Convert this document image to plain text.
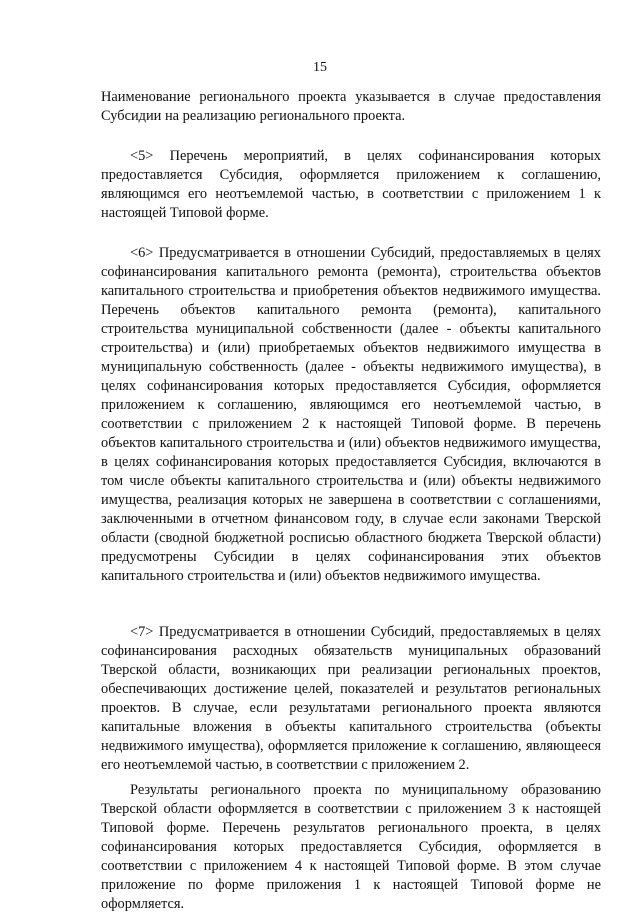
15

Наименование регионального проекта указывается в случае предоставления Субсидии на реализацию регионального проекта.

<5> Перечень мероприятий, в целях софинансирования которых предоставляется Субсидия, оформляется приложением к соглашению, являющимся его неотъемлемой частью, в соответствии с приложением 1 к настоящей Типовой форме.

<6> Предусматривается в отношении Субсидий, предоставляемых в целях софинансирования капитального ремонта (ремонта), строительства объектов капитального строительства и приобретения объектов недвижимого имущества. Перечень объектов капитального ремонта (ремонта), капитального строительства муниципальной собственности (далее - объекты капитального строительства) и (или) приобретаемых объектов недвижимого имущества в муниципальную собственность (далее - объекты недвижимого имущества), в целях софинансирования которых предоставляется Субсидия, оформляется приложением к соглашению, являющимся его неотъемлемой частью, в соответствии с приложением 2 к настоящей Типовой форме. В перечень объектов капитального строительства и (или) объектов недвижимого имущества, в целях софинансирования которых предоставляется Субсидия, включаются в том числе объекты капитального строительства и (или) объекты недвижимого имущества, реализация которых не завершена в соответствии с соглашениями, заключенными в отчетном финансовом году, в случае если законами Тверской области (сводной бюджетной росписью областного бюджета Тверской области) предусмотрены Субсидии в целях софинансирования этих объектов капитального строительства и (или) объектов недвижимого имущества.

<7> Предусматривается в отношении Субсидий, предоставляемых в целях софинансирования расходных обязательств муниципальных образований Тверской области, возникающих при реализации региональных проектов, обеспечивающих достижение целей, показателей и результатов региональных проектов. В случае, если результатами регионального проекта являются капитальные вложения в объекты капитального строительства (объекты недвижимого имущества), оформляется приложение к соглашению, являющееся его неотъемлемой частью, в соответствии с приложением 2.

Результаты регионального проекта по муниципальному образованию Тверской области оформляется в соответствии с приложением 3 к настоящей Типовой форме. Перечень результатов регионального проекта, в целях софинансирования которых предоставляется Субсидия, оформляется в соответствии с приложением 4 к настоящей Типовой форме. В этом случае приложение по форме приложения 1 к настоящей Типовой форме не оформляется.
